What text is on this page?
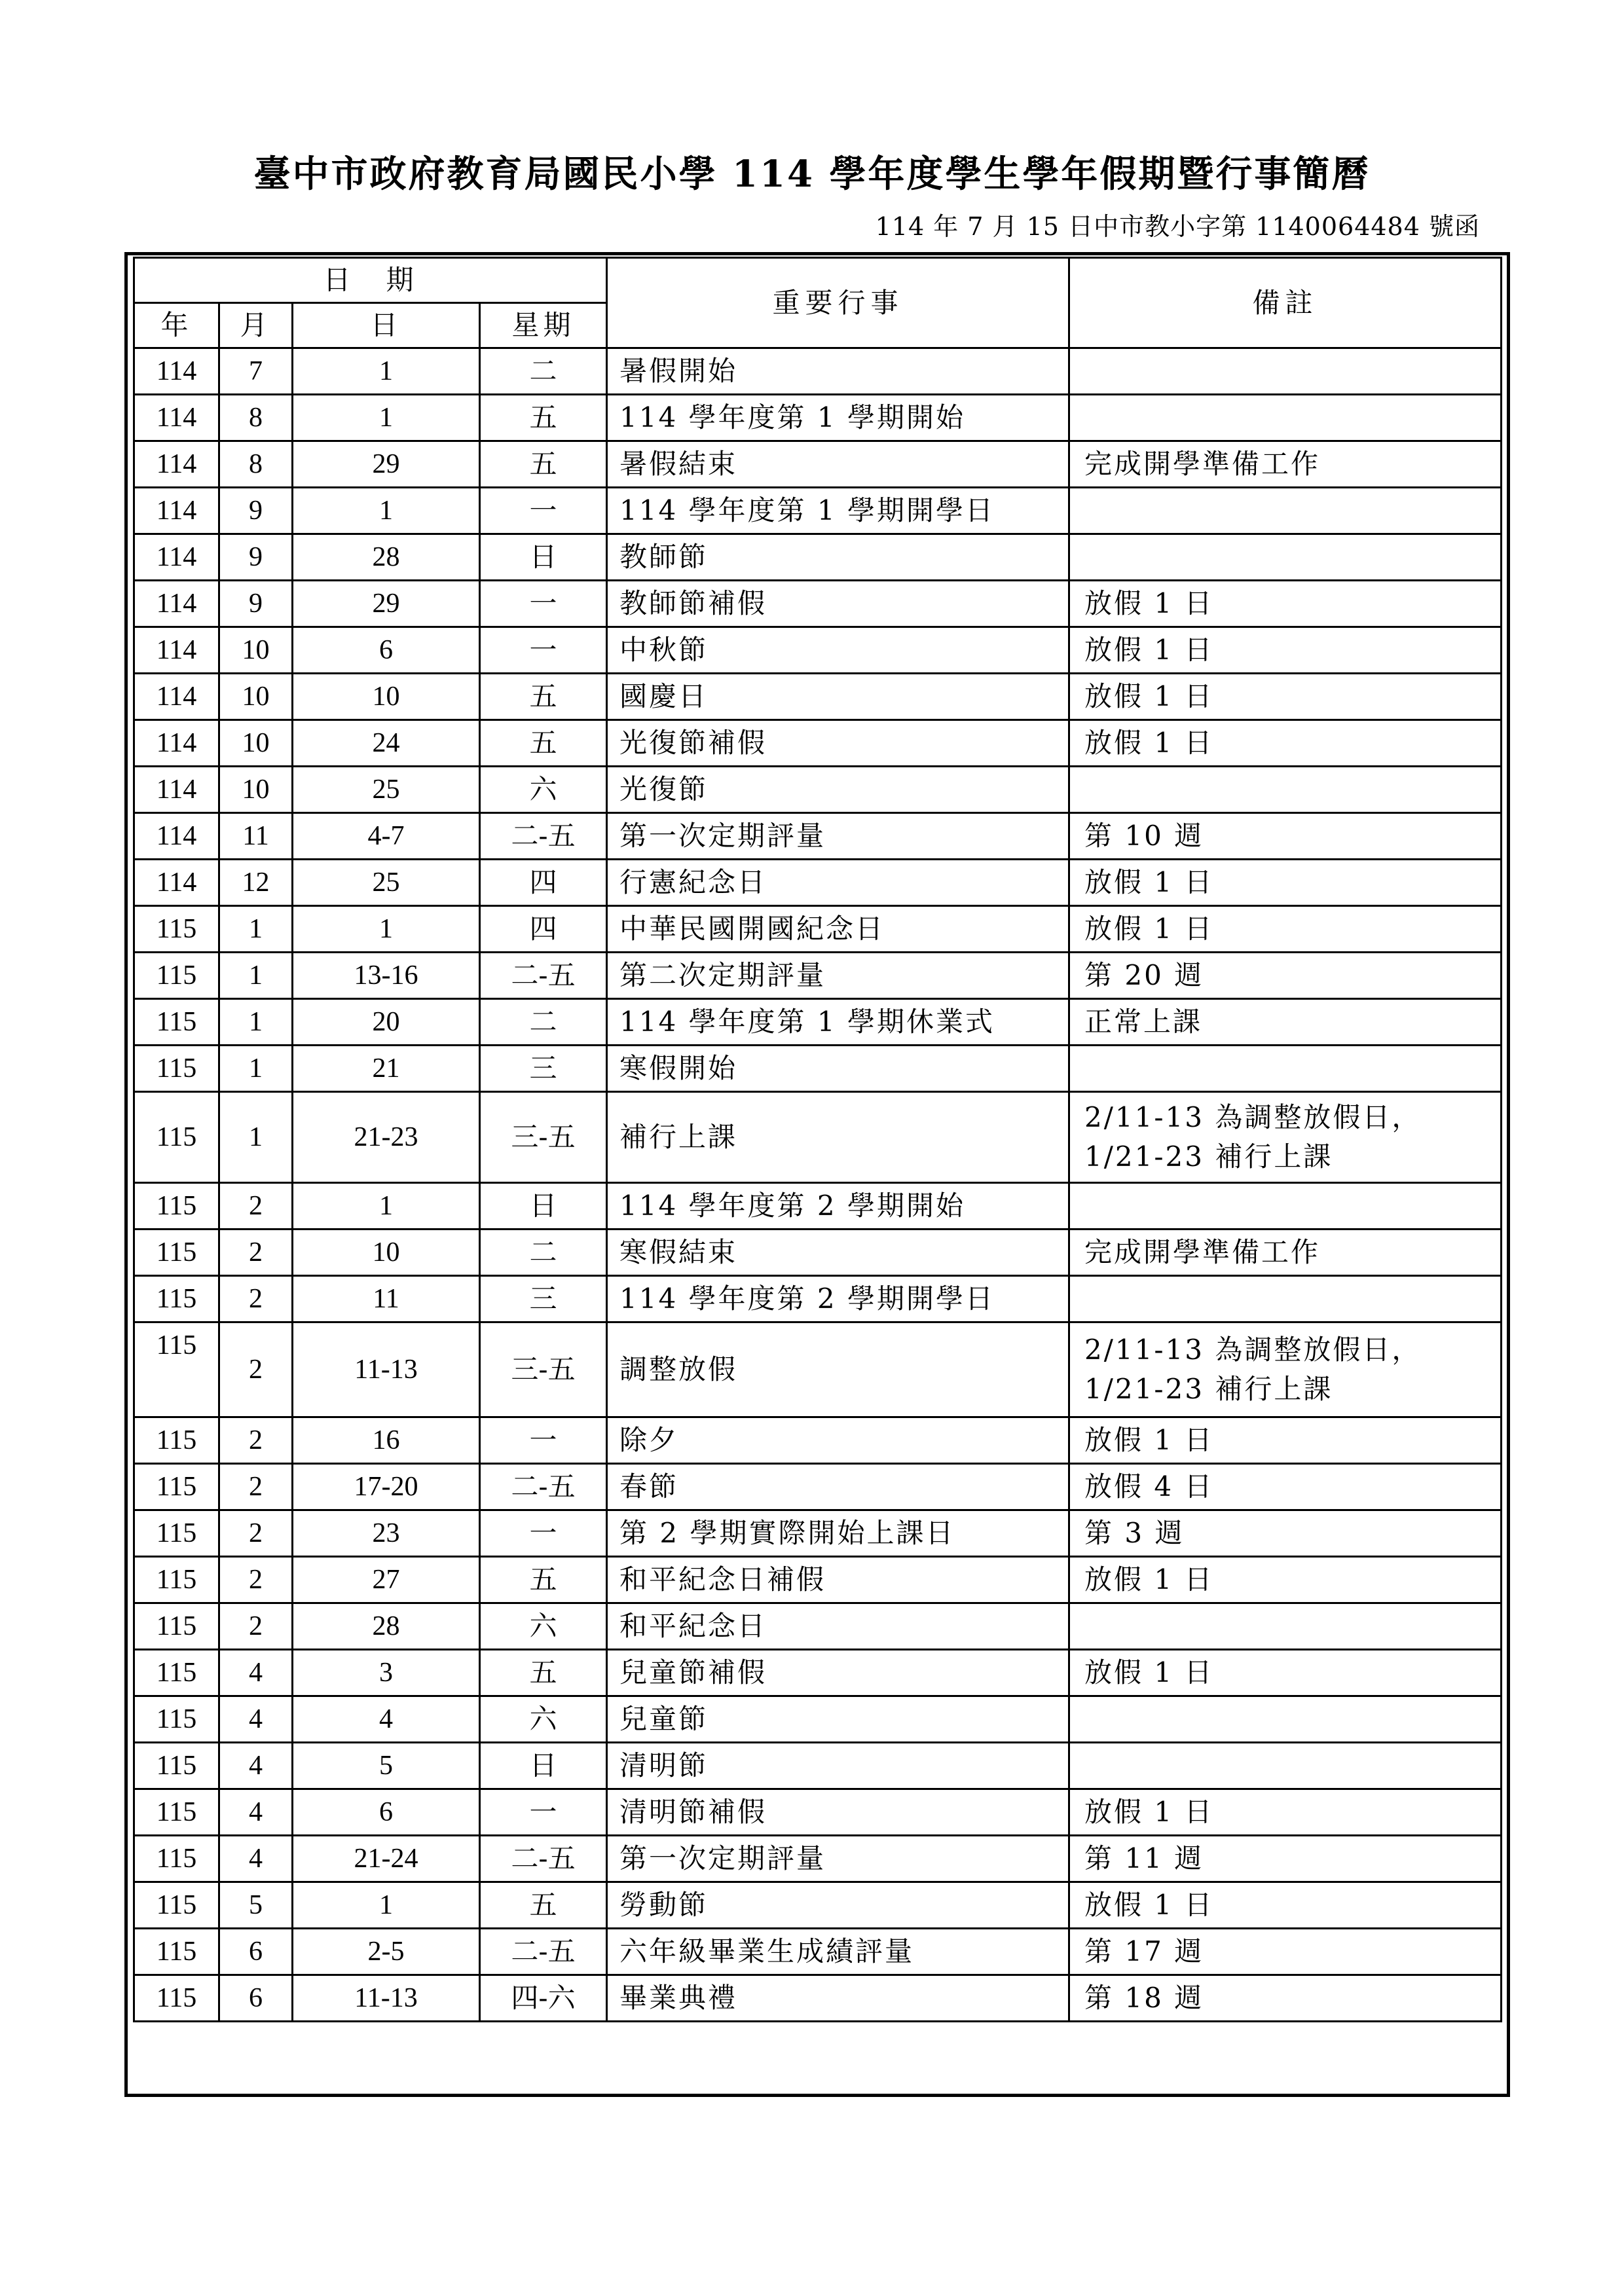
臺中市政府教育局國民小學 114 學年度學生學年假期暨行事簡曆
114 年 7 月 15 日中市教小字第 1140064484 號函
日　期				重要行事	備註
年	月	日	星期		
114	7	1	二	暑假開始	
114	8	1	五	114 學年度第 1 學期開始	
114	8	29	五	暑假結束	完成開學準備工作
114	9	1	一	114 學年度第 1 學期開學日	
114	9	28	日	教師節	
114	9	29	一	教師節補假	放假 1 日
114	10	6	一	中秋節	放假 1 日
114	10	10	五	國慶日	放假 1 日
114	10	24	五	光復節補假	放假 1 日
114	10	25	六	光復節	
114	11	4-7	二-五	第一次定期評量	第 10 週
114	12	25	四	行憲紀念日	放假 1 日
115	1	1	四	中華民國開國紀念日	放假 1 日
115	1	13-16	二-五	第二次定期評量	第 20 週
115	1	20	二	114 學年度第 1 學期休業式	正常上課
115	1	21	三	寒假開始	
115	1	21-23	三-五	補行上課	2/11-13 為調整放假日，1/21-23 補行上課
115	2	1	日	114 學年度第 2 學期開始	
115	2	10	二	寒假結束	完成開學準備工作
115	2	11	三	114 學年度第 2 學期開學日	
115	2	11-13	三-五	調整放假	2/11-13 為調整放假日，1/21-23 補行上課
115	2	16	一	除夕	放假 1 日
115	2	17-20	二-五	春節	放假 4 日
115	2	23	一	第 2 學期實際開始上課日	第 3 週
115	2	27	五	和平紀念日補假	放假 1 日
115	2	28	六	和平紀念日	
115	4	3	五	兒童節補假	放假 1 日
115	4	4	六	兒童節	
115	4	5	日	清明節	
115	4	6	一	清明節補假	放假 1 日
115	4	21-24	二-五	第一次定期評量	第 11 週
115	5	1	五	勞動節	放假 1 日
115	6	2-5	二-五	六年級畢業生成績評量	第 17 週
115	6	11-13	四-六	畢業典禮	第 18 週
